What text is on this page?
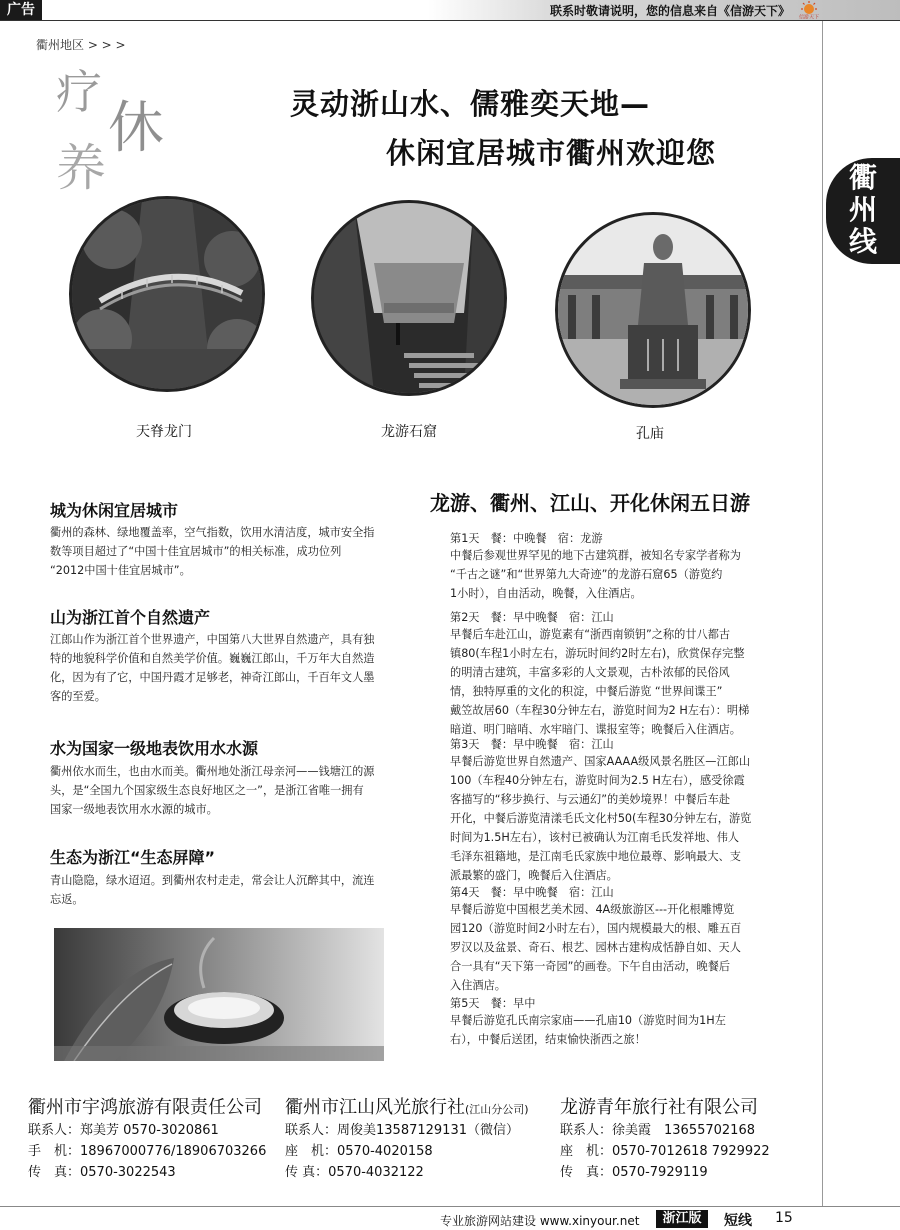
广告	联系时敬请说明，您的信息来自《信游天下》 信游天下
衢州地区 > > >
疗
休
养
灵动浙山水、儒雅奕天地—
休闲宜居城市衢州欢迎您
衢州线
天脊龙门	龙游石窟	孔庙
城为休闲宜居城市
衢州的森林、绿地覆盖率，空气指数，饮用水清洁度，城市安全指
数等项目超过了“中国十佳宜居城市”的相关标准，成功位列
“2012中国十佳宜居城市”。
山为浙江首个自然遗产
江郎山作为浙江首个世界遗产，中国第八大世界自然遗产，具有独
特的地貌科学价值和自然美学价值。巍巍江郎山，千万年大自然造
化，因为有了它，中国丹霞才足够老，神奇江郎山，千百年文人墨
客的至爱。
水为国家一级地表饮用水水源
衢州依水而生，也由水而美。衢州地处浙江母亲河——钱塘江的源
头，是“全国九个国家级生态良好地区之一”，是浙江省唯一拥有
国家一级地表饮用水水源的城市。
生态为浙江“生态屏障”
青山隐隐，绿水迢迢。到衢州农村走走，常会让人沉醉其中，流连
忘返。
龙游、衢州、江山、开化休闲五日游
第1天　餐：中晚餐　宿：龙游
中餐后参观世界罕见的地下古建筑群，被知名专家学者称为
“千古之谜”和“世界第九大奇迹”的龙游石窟65（游览约
1小时），自由活动，晚餐，入住酒店。
第2天　餐：早中晚餐　宿：江山
早餐后车赴江山，游览素有“浙西南锁钥”之称的廿八都古
镇80(车程1小时左右，游玩时间约2时左右)，欣赏保存完整
的明清古建筑，丰富多彩的人文景观，古朴浓郁的民俗风
情，独特厚重的文化的积淀，中餐后游览 “世界间谍王”
戴笠故居60（车程30分钟左右，游览时间为2 H左右）：明梯
暗道、明门暗哨、水牢暗门、谍报室等；晚餐后入住酒店。
第3天　餐：早中晚餐　宿：江山
早餐后游览世界自然遗产、国家AAAA级风景名胜区—江郎山
100（车程40分钟左右，游览时间为2.5 H左右），感受徐霞
客描写的“移步换行、与云通幻”的美妙境界！中餐后车赴
开化，中餐后游览清漾毛氏文化村50(车程30分钟左右，游览
时间为1.5H左右），该村已被确认为江南毛氏发祥地、伟人
毛泽东祖籍地，是江南毛氏家族中地位最尊、影响最大、支
派最繁的盛门，晚餐后入住酒店。
第4天　餐：早中晚餐　宿：江山
早餐后游览中国根艺美术园、4A级旅游区---开化根雕博览
园120（游览时间2小时左右），国内规模最大的根、雕五百
罗汉以及盆景、奇石、根艺、园林古建构成恬静自如、天人
合一具有“天下第一奇园”的画卷。下午自由活动，晚餐后
入住酒店。
第5天　餐：早中
早餐后游览孔氏南宗家庙——孔庙10（游览时间为1H左
右），中餐后送团，结束愉快浙西之旅！
衢州市宇鸿旅游有限责任公司
联系人：郑美芳 0570-3020861
手　机：18967000776/18906703266
传　真：0570-3022543
衢州市江山风光旅行社(江山分公司)
联系人：周俊美13587129131（微信）
座　机：0570-4020158
传 真：0570-4032122
龙游青年旅行社有限公司
联系人：徐美霞　13655702168
座　机：0570-7012618 7929922
传　真：0570-7929119
专业旅游网站建设 www.xinyour.net	浙江版	短线 15
